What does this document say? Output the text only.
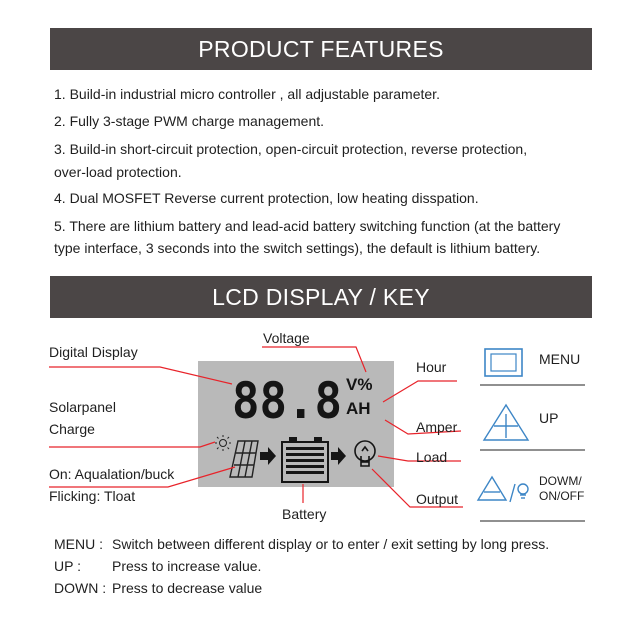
PRODUCT FEATURES
1. Build-in industrial micro controller , all adjustable parameter.
2. Fully 3-stage PWM charge management.
3. Build-in short-circuit protection, open-circuit protection, reverse protection,
over-load protection.
4. Dual MOSFET Reverse current protection, low heating disspation.
5. There are lithium battery and lead-acid battery switching function (at the battery
type interface, 3 seconds into the switch settings), the default is lithium battery.
LCD DISPLAY / KEY
88.8 V%
AH
Digital Display
Voltage
Hour
Solarpanel
Charge	Amper
Load
On: Aqualation/buck
Flicking: Tloat	Output
Battery
MENU
UP
DOWM/
ON/OFF
MENU : Switch between different display or to enter / exit setting by long press.
UP : Press to increase value.
DOWN : Press to decrease value
